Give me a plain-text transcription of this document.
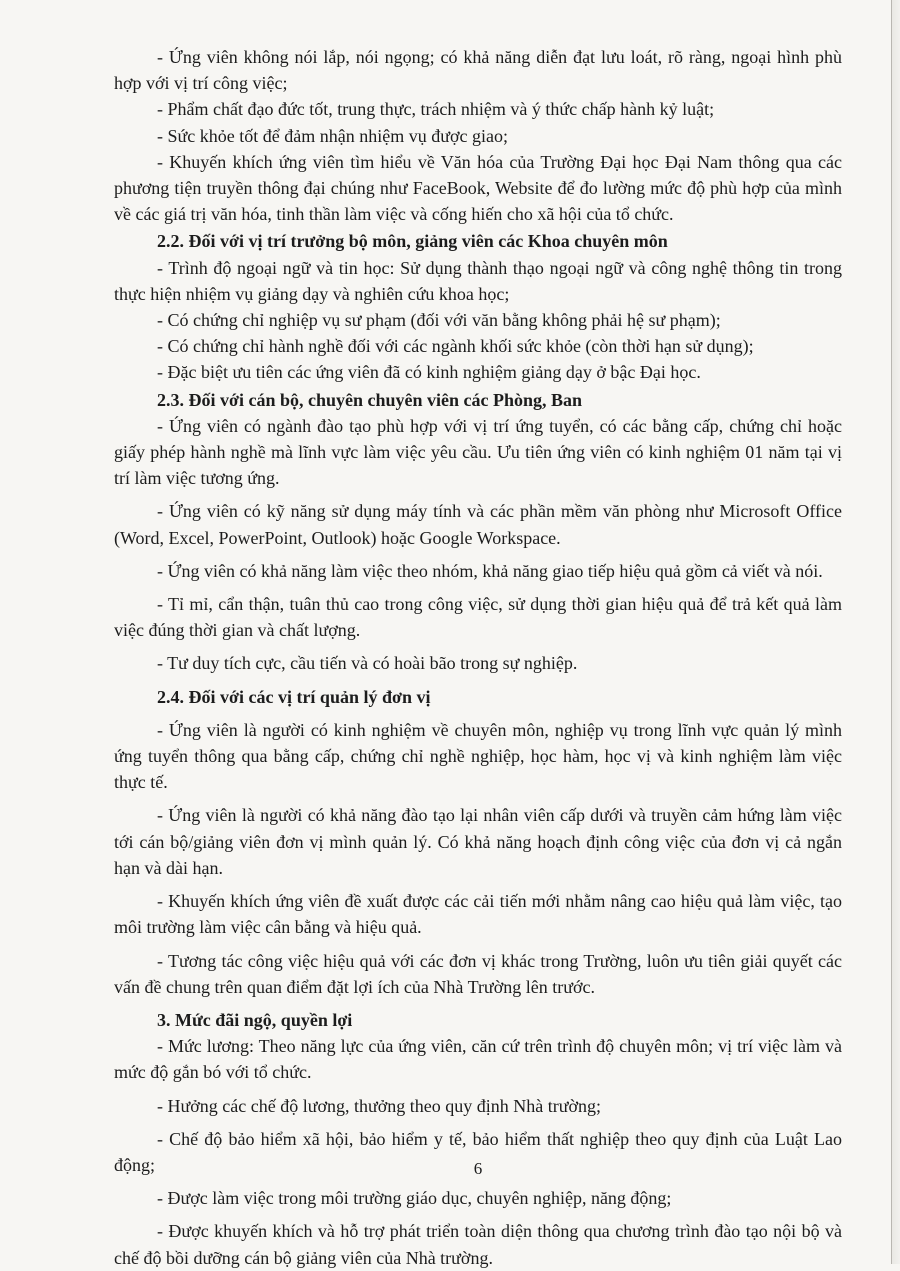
- Ứng viên không nói lắp, nói ngọng; có khả năng diễn đạt lưu loát, rõ ràng, ngoại hình phù hợp với vị trí công việc;

- Phẩm chất đạo đức tốt, trung thực, trách nhiệm và ý thức chấp hành kỷ luật;

- Sức khỏe tốt để đảm nhận nhiệm vụ được giao;

- Khuyến khích ứng viên tìm hiểu về Văn hóa của Trường Đại học Đại Nam thông qua các phương tiện truyền thông đại chúng như FaceBook, Website để đo lường mức độ phù hợp của mình về các giá trị văn hóa, tinh thần làm việc và cống hiến cho xã hội của tổ chức.

2.2. Đối với vị trí trưởng bộ môn, giảng viên các Khoa chuyên môn

- Trình độ ngoại ngữ và tin học: Sử dụng thành thạo ngoại ngữ và công nghệ thông tin trong thực hiện nhiệm vụ giảng dạy và nghiên cứu khoa học;

- Có chứng chỉ nghiệp vụ sư phạm (đối với văn bằng không phải hệ sư phạm);

- Có chứng chỉ hành nghề đối với các ngành khối sức khỏe (còn thời hạn sử dụng);

- Đặc biệt ưu tiên các ứng viên đã có kinh nghiệm giảng dạy ở bậc Đại học.

2.3. Đối với cán bộ, chuyên chuyên viên các Phòng, Ban

- Ứng viên có ngành đào tạo phù hợp với vị trí ứng tuyển, có các bằng cấp, chứng chỉ hoặc giấy phép hành nghề mà lĩnh vực làm việc yêu cầu. Ưu tiên ứng viên có kinh nghiệm 01 năm tại vị trí làm việc tương ứng.

- Ứng viên có kỹ năng sử dụng máy tính và các phần mềm văn phòng như Microsoft Office (Word, Excel, PowerPoint, Outlook) hoặc Google Workspace.

- Ứng viên có khả năng làm việc theo nhóm, khả năng giao tiếp hiệu quả gồm cả viết và nói.

- Tỉ mỉ, cẩn thận, tuân thủ cao trong công việc, sử dụng thời gian hiệu quả để trả kết quả làm việc đúng thời gian và chất lượng.

- Tư duy tích cực, cầu tiến và có hoài bão trong sự nghiệp.

2.4. Đối với các vị trí quản lý đơn vị

- Ứng viên là người có kinh nghiệm về chuyên môn, nghiệp vụ trong lĩnh vực quản lý mình ứng tuyển thông qua bằng cấp, chứng chỉ nghề nghiệp, học hàm, học vị và kinh nghiệm làm việc thực tế.

- Ứng viên là người có khả năng đào tạo lại nhân viên cấp dưới và truyền cảm hứng làm việc tới cán bộ/giảng viên đơn vị mình quản lý. Có khả năng hoạch định công việc của đơn vị cả ngắn hạn và dài hạn.

- Khuyến khích ứng viên đề xuất được các cải tiến mới nhằm nâng cao hiệu quả làm việc, tạo môi trường làm việc cân bằng và hiệu quả.

- Tương tác công việc hiệu quả với các đơn vị khác trong Trường, luôn ưu tiên giải quyết các vấn đề chung trên quan điểm đặt lợi ích của Nhà Trường lên trước.

3. Mức đãi ngộ, quyền lợi

- Mức lương: Theo năng lực của ứng viên, căn cứ trên trình độ chuyên môn; vị trí việc làm và mức độ gắn bó với tổ chức.

- Hưởng các chế độ lương, thưởng theo quy định Nhà trường;

- Chế độ bảo hiểm xã hội, bảo hiểm y tế, bảo hiểm thất nghiệp theo quy định của Luật Lao động;

- Được làm việc trong môi trường giáo dục, chuyên nghiệp, năng động;

- Được khuyến khích và hỗ trợ phát triển toàn diện thông qua chương trình đào tạo nội bộ và chế độ bồi dưỡng cán bộ giảng viên của Nhà trường.

6
